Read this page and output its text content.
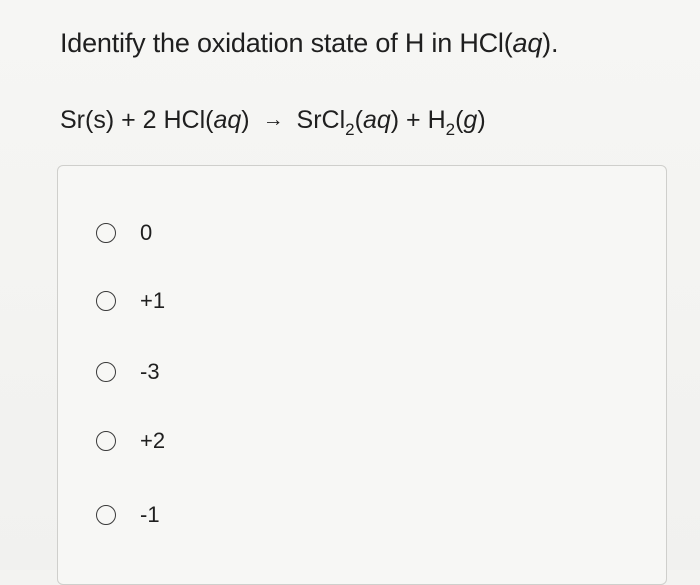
Identify the oxidation state of H in HCl(aq).
Sr(s) + 2 HCl(aq) → SrCl$_2$(aq) + $H_2(g)$
0
+1
-3
+2
-1
